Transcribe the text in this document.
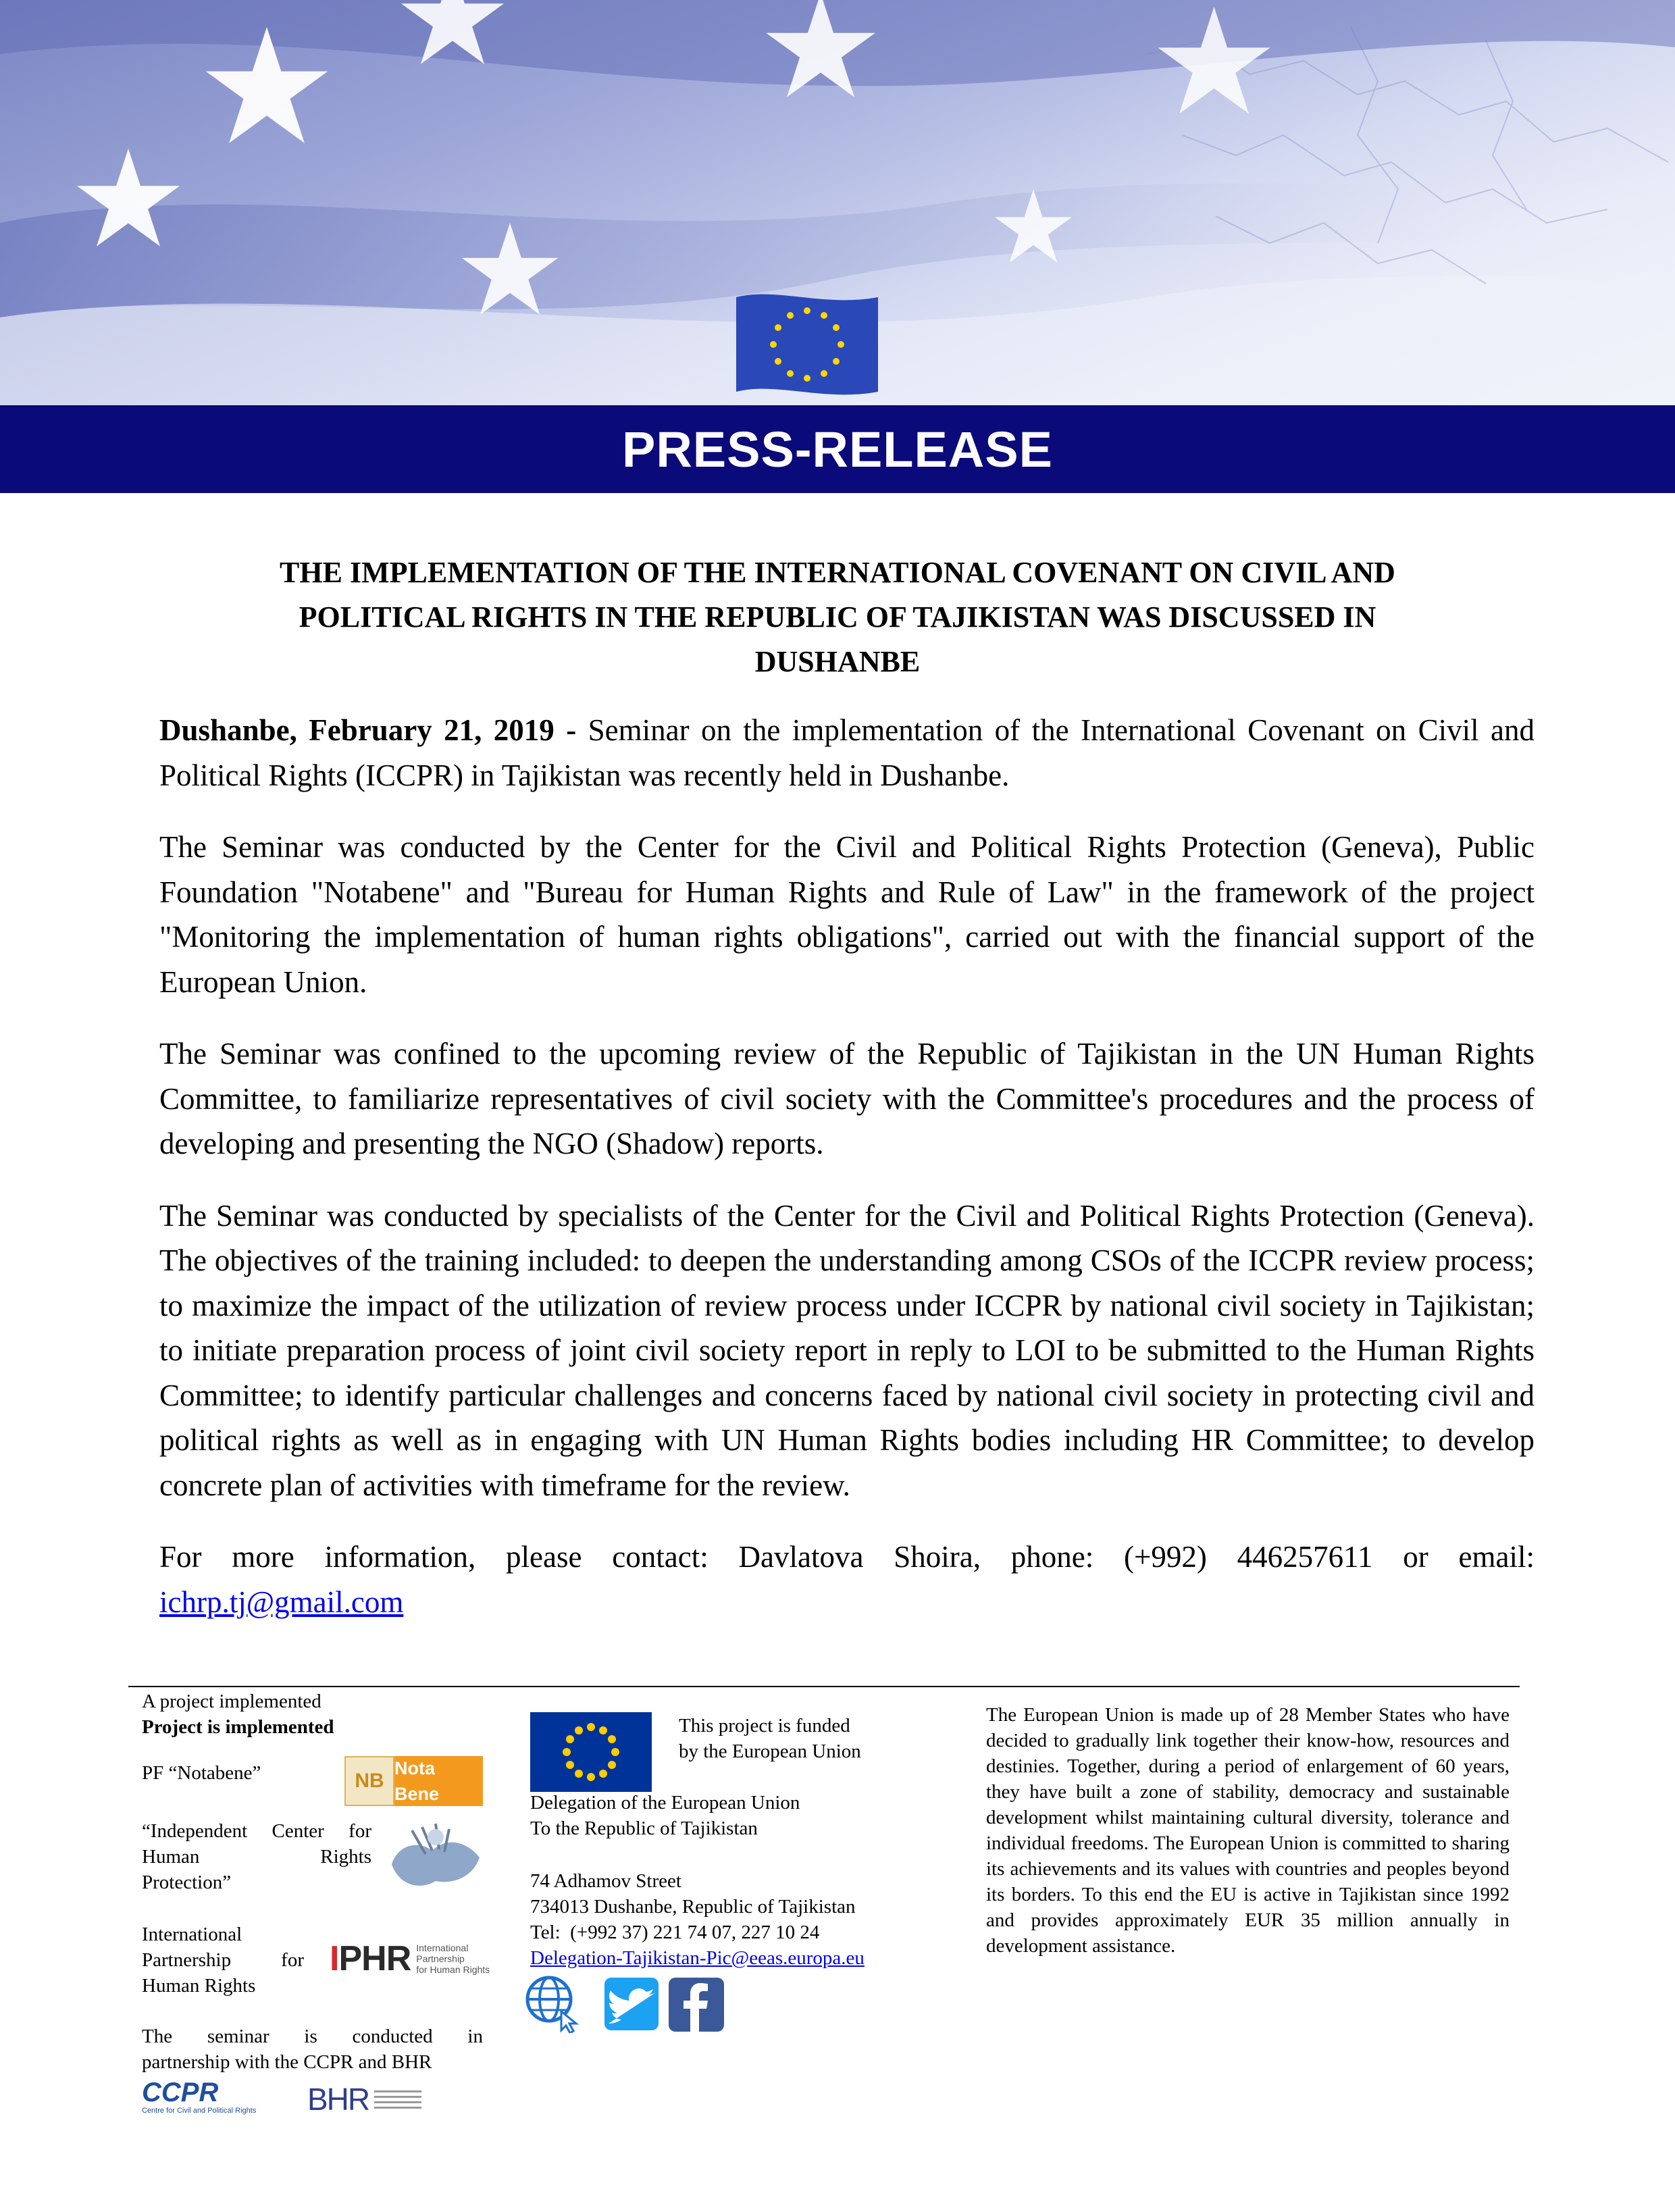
PRESS-RELEASE
THE IMPLEMENTATION OF THE INTERNATIONAL COVENANT ON CIVIL AND
POLITICAL RIGHTS IN THE REPUBLIC OF TAJIKISTAN WAS DISCUSSED IN
DUSHANBE

Dushanbe, February 21, 2019 - Seminar on the implementation of the International Covenant on Civil and Political Rights (ICCPR) in Tajikistan was recently held in Dushanbe.

The Seminar was conducted by the Center for the Civil and Political Rights Protection (Geneva), Public Foundation "Notabene" and "Bureau for Human Rights and Rule of Law" in the framework of the project "Monitoring the implementation of human rights obligations", carried out with the financial support of the European Union.

The Seminar was confined to the upcoming review of the Republic of Tajikistan in the UN Human Rights Committee, to familiarize representatives of civil society with the Committee's procedures and the process of developing and presenting the NGO (Shadow) reports.

The Seminar was conducted by specialists of the Center for the Civil and Political Rights Protection (Geneva). The objectives of the training included: to deepen the understanding among CSOs of the ICCPR review process; to maximize the impact of the utilization of review process under ICCPR by national civil society in Tajikistan; to initiate preparation process of joint civil society report in reply to LOI to be submitted to the Human Rights Committee; to identify particular challenges and concerns faced by national civil society in protecting civil and political rights as well as in engaging with UN Human Rights bodies including HR Committee; to develop concrete plan of activities with timeframe for the review.

For more information, please contact: Davlatova Shoira, phone: (+992) 446257611 or email: ichrp.tj@gmail.com

A project implemented
Project is implemented
PF “Notabene”	NB
Nota Bene
“Independent Center for
Human Rights
Protection”
International
Partnership for
Human Rights
IPHR International
Partnership
for Human Rights
The seminar is conducted in
partnership with the CCPR and BHR
CCPR
Centre for Civil and Political Rights	BHR
This project is funded
by the European Union
Delegation of the European Union
To the Republic of Tajikistan
74 Adhamov Street
734013 Dushanbe, Republic of Tajikistan
Tel:  (+992 37) 221 74 07, 227 10 24
Delegation-Tajikistan-Pic@eeas.europa.eu
The European Union is made up of 28 Member States who have decided to gradually link together their know-how, resources and destinies. Together, during a period of enlargement of 60 years, they have built a zone of stability, democracy and sustainable development whilst maintaining cultural diversity, tolerance and individual freedoms. The European Union is committed to sharing its achievements and its values with countries and peoples beyond its borders. To this end the EU is active in Tajikistan since 1992 and provides approximately EUR 35 million annually in development assistance.
